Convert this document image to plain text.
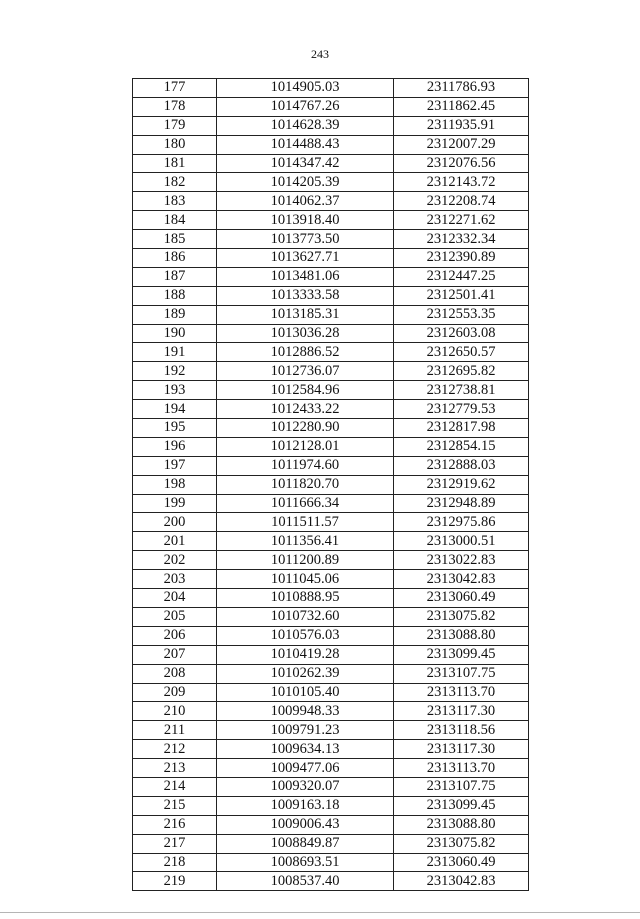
243
177	1014905.03	2311786.93
178	1014767.26	2311862.45
179	1014628.39	2311935.91
180	1014488.43	2312007.29
181	1014347.42	2312076.56
182	1014205.39	2312143.72
183	1014062.37	2312208.74
184	1013918.40	2312271.62
185	1013773.50	2312332.34
186	1013627.71	2312390.89
187	1013481.06	2312447.25
188	1013333.58	2312501.41
189	1013185.31	2312553.35
190	1013036.28	2312603.08
191	1012886.52	2312650.57
192	1012736.07	2312695.82
193	1012584.96	2312738.81
194	1012433.22	2312779.53
195	1012280.90	2312817.98
196	1012128.01	2312854.15
197	1011974.60	2312888.03
198	1011820.70	2312919.62
199	1011666.34	2312948.89
200	1011511.57	2312975.86
201	1011356.41	2313000.51
202	1011200.89	2313022.83
203	1011045.06	2313042.83
204	1010888.95	2313060.49
205	1010732.60	2313075.82
206	1010576.03	2313088.80
207	1010419.28	2313099.45
208	1010262.39	2313107.75
209	1010105.40	2313113.70
210	1009948.33	2313117.30
211	1009791.23	2313118.56
212	1009634.13	2313117.30
213	1009477.06	2313113.70
214	1009320.07	2313107.75
215	1009163.18	2313099.45
216	1009006.43	2313088.80
217	1008849.87	2313075.82
218	1008693.51	2313060.49
219	1008537.40	2313042.83
